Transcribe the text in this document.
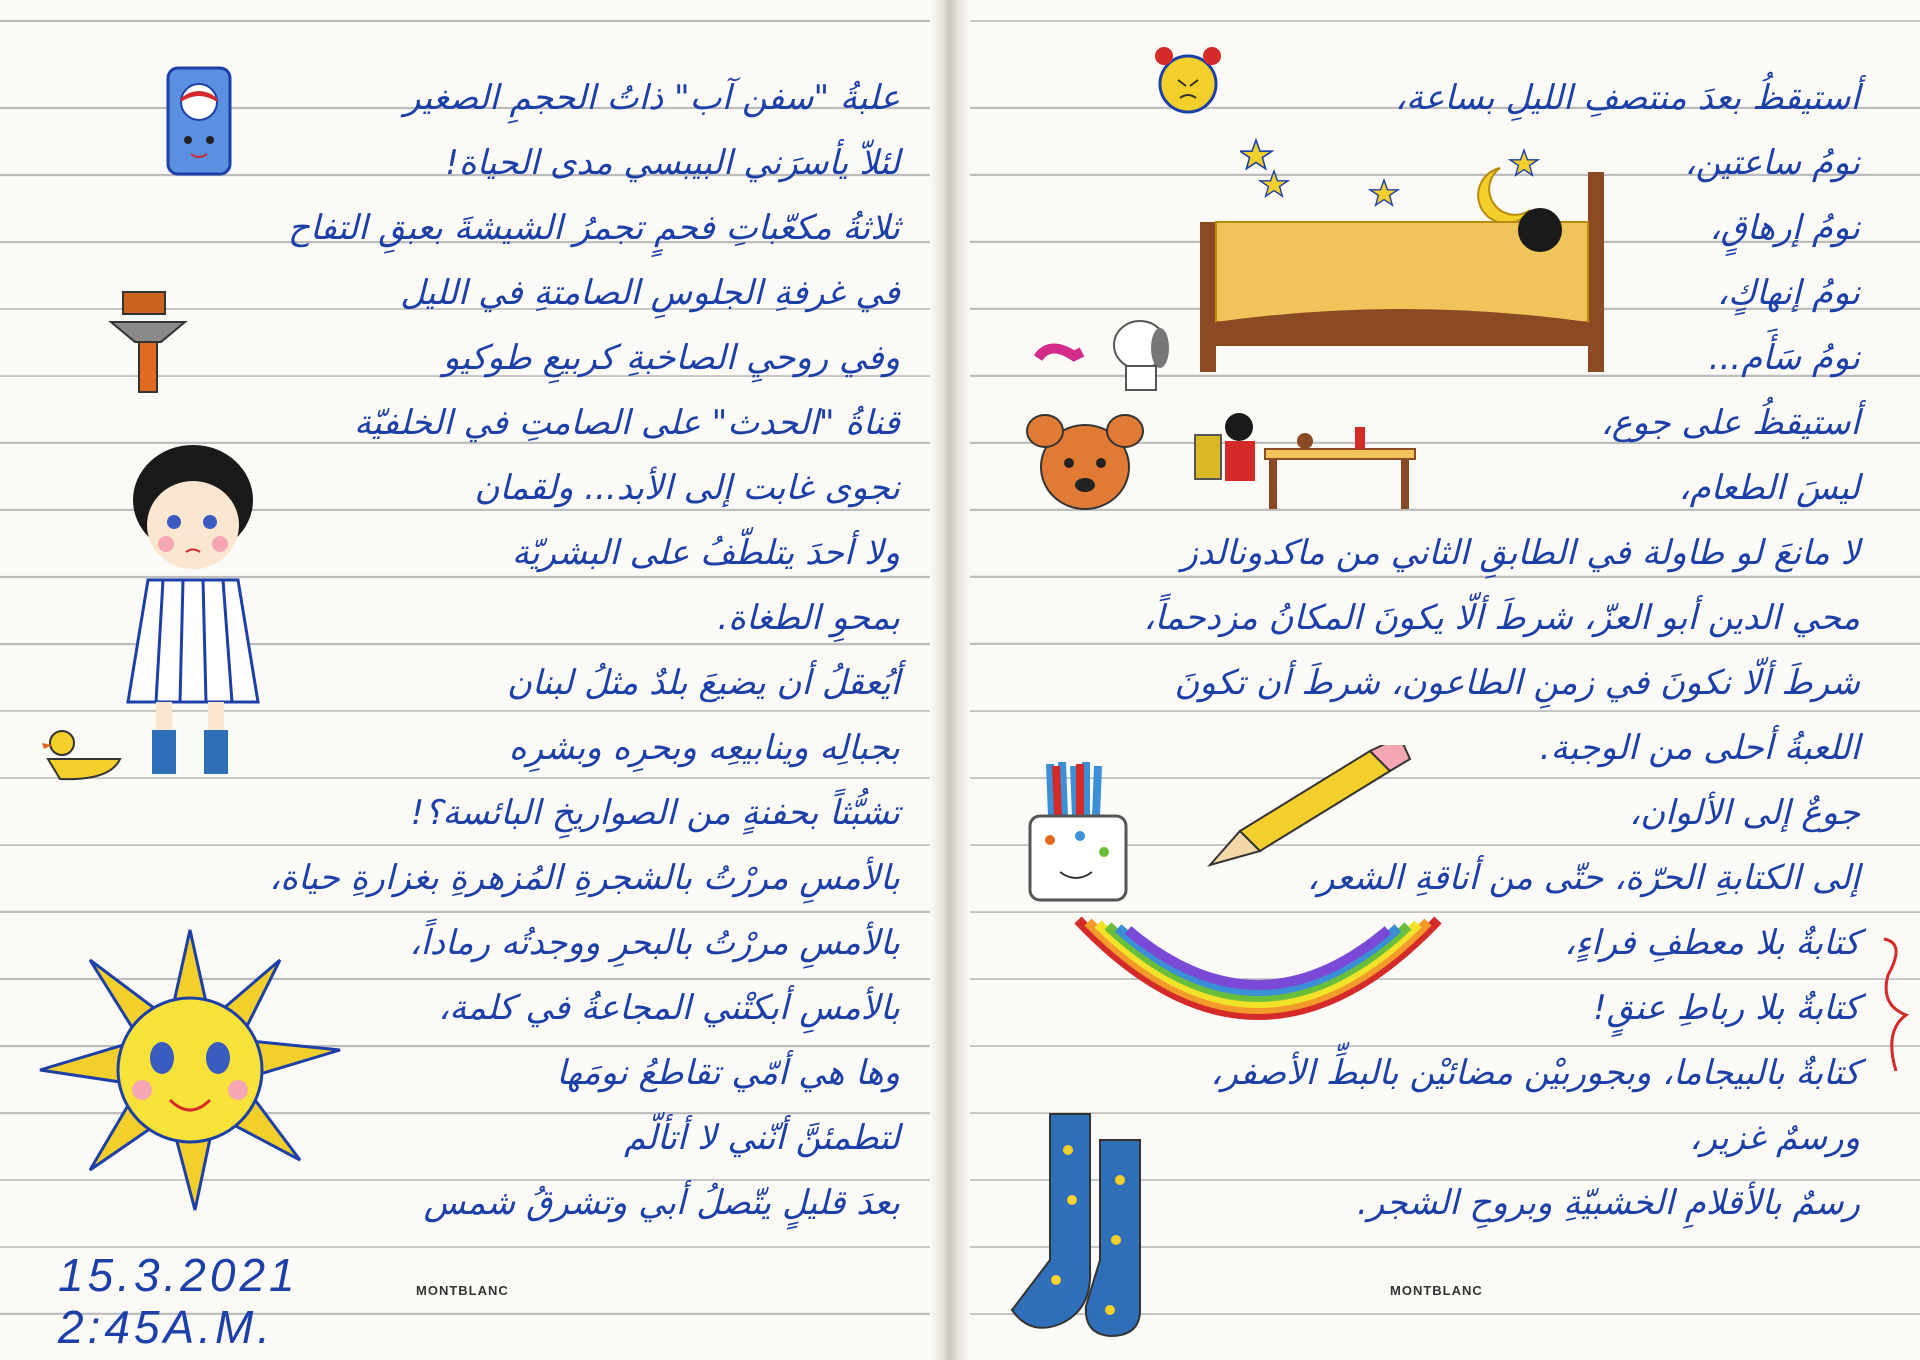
علبةُ "سفن آب" ذاتُ الحجمِ الصغير
لئلاّ يأسرَني البيبسي مدى الحياة!
ثلاثةُ مكعّباتِ فحمٍ تجمرُ الشيشةَ بعبقِ التفاح
في غرفةِ الجلوسِ الصامتةِ في الليل
وفي روحيِ الصاخبةِ كربيعِ طوكيو
قناةُ "الحدث" على الصامتِ في الخلفيّة
نجوى غابت إلى الأبد... ولقمان
ولا أحدَ يتلطّفُ على البشريّة
بمحوِ الطغاة.
أيُعقلُ أن يضيعَ بلدٌ مثلُ لبنان
بجبالِه وينابيعِه وبحرِه وبشرِه
تشبُّثاً بحفنةٍ من الصواريخِ البائسة؟!
بالأمسِ مررْتُ بالشجرةِ المُزهرةِ بغزارةِ حياة،
بالأمسِ مررْتُ بالبحرِ ووجدتُه رماداً،
بالأمسِ أبكتْني المجاعةُ في كلمة،
وها هي أمّي تقاطعُ نومَها
لتطمئنَّ أنّني لا أتألّم
بعدَ قليلٍ يتّصلُ أبي وتشرقُ شمس
أستيقظُ بعدَ منتصفِ الليلِ بساعة،
نومُ ساعتين،
نومُ إرهاقٍ،
نومُ إنهاكٍ،
نومُ سَأَم...
أستيقظُ على جوع،
ليسَ الطعام،
لا مانعَ لو طاولة في الطابقِ الثاني من ماكدونالدز
محي الدين أبو العزّ، شرطَ ألّا يكونَ المكانُ مزدحماً،
شرطَ ألّا نكونَ في زمنِ الطاعون، شرطَ أن تكونَ
اللعبةُ أحلى من الوجبة.
جوعٌ إلى الألوان،
إلى الكتابةِ الحرّة، حتّى من أناقةِ الشعر،
كتابةٌ بلا معطفِ فراءٍ،
كتابةٌ بلا رباطِ عنقٍ!
كتابةٌ بالبيجاما، وبجوربيْن مضائيْن بالبطِّ الأصفر،
ورسمٌ غزير،
رسمٌ بالأقلامِ الخشبيّةِ وبروحِ الشجر.
MONTBLANC	MONTBLANC
15.3.2021
2:45A.M.
